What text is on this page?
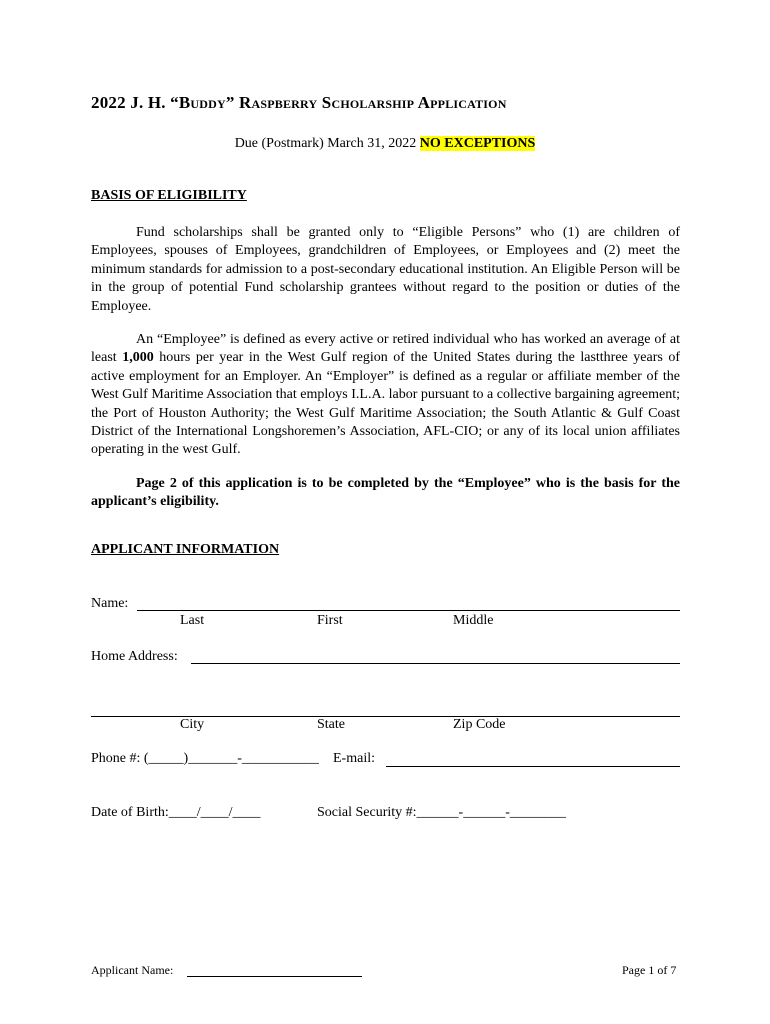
2022 J. H. “Buddy” Raspberry Scholarship Application
Due (Postmark) March 31, 2022 NO EXCEPTIONS
BASIS OF ELIGIBILITY
Fund scholarships shall be granted only to “Eligible Persons” who (1) are children of Employees, spouses of Employees, grandchildren of Employees, or Employees and (2) meet the minimum standards for admission to a post-secondary educational institution. An Eligible Person will be in the group of potential Fund scholarship grantees without regard to the position or duties of the Employee.
An “Employee” is defined as every active or retired individual who has worked an average of at least 1,000 hours per year in the West Gulf region of the United States during the lastthree years of active employment for an Employer. An “Employer” is defined as a regular or affiliate member of the West Gulf Maritime Association that employs I.L.A. labor pursuant to a collective bargaining agreement; the Port of Houston Authority; the West Gulf Maritime Association; the South Atlantic & Gulf Coast District of the International Longshoremen’s Association, AFL-CIO; or any of its local union affiliates operating in the west Gulf.
Page 2 of this application is to be completed by the “Employee” who is the basis for the applicant’s eligibility.
APPLICANT INFORMATION
Name:
Last	First	Middle
Home Address:
City	State	Zip Code
Phone #: (_____)_______-___________ E-mail:
Date of Birth:____/____/____	Social Security #:______-______-________
Applicant Name:	Page 1 of 7
